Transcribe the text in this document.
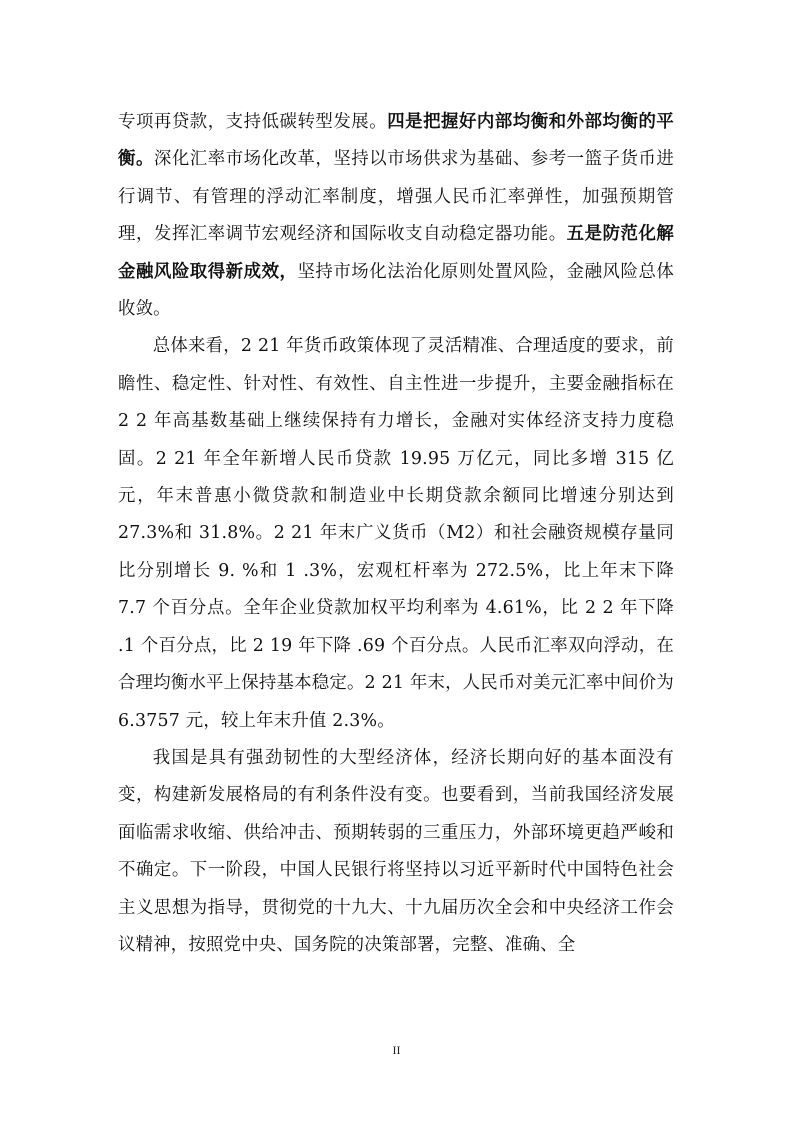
专项再贷款，支持低碳转型发展。四是把握好内部均衡和外部均衡的平衡。深化汇率市场化改革，坚持以市场供求为基础、参考一篮子货币进行调节、有管理的浮动汇率制度，增强人民币汇率弹性，加强预期管理，发挥汇率调节宏观经济和国际收支自动稳定器功能。五是防范化解金融风险取得新成效，坚持市场化法治化原则处置风险，金融风险总体收敛。

总体来看，2 21 年货币政策体现了灵活精准、合理适度的要求，前瞻性、稳定性、针对性、有效性、自主性进一步提升，主要金融指标在 2 2 年高基数基础上继续保持有力增长，金融对实体经济支持力度稳固。2 21 年全年新增人民币贷款 19.95 万亿元，同比多增 315 亿元，年末普惠小微贷款和制造业中长期贷款余额同比增速分别达到 27.3%和 31.8%。2 21 年末广义货币（M2）和社会融资规模存量同比分别增长 9. %和 1 .3%，宏观杠杆率为 272.5%，比上年末下降 7.7 个百分点。全年企业贷款加权平均利率为 4.61%，比 2 2 年下降 .1 个百分点，比 2 19 年下降 .69 个百分点。人民币汇率双向浮动，在合理均衡水平上保持基本稳定。2 21 年末，人民币对美元汇率中间价为 6.3757 元，较上年末升值 2.3%。

我国是具有强劲韧性的大型经济体，经济长期向好的基本面没有变，构建新发展格局的有利条件没有变。也要看到，当前我国经济发展面临需求收缩、供给冲击、预期转弱的三重压力，外部环境更趋严峻和不确定。下一阶段，中国人民银行将坚持以习近平新时代中国特色社会主义思想为指导，贯彻党的十九大、十九届历次全会和中央经济工作会议精神，按照党中央、国务院的决策部署，完整、准确、全

II
